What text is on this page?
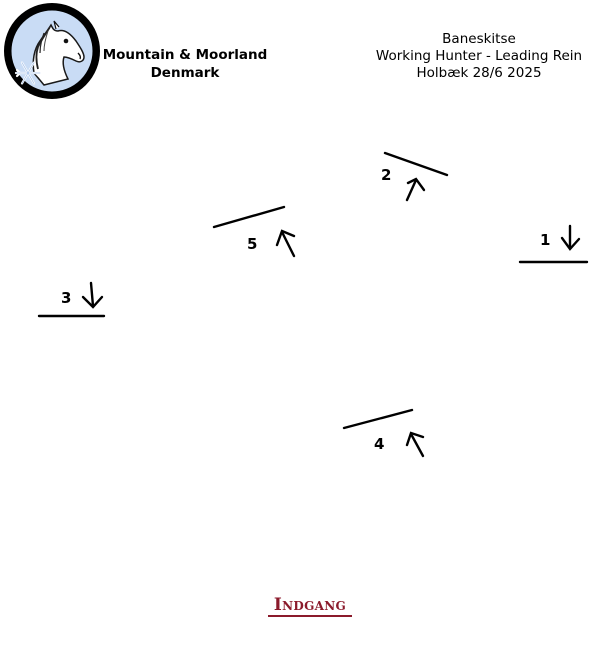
Mountain & Moorland
Denmark
Baneskitse
Working Hunter - Leading Rein
Holbæk 28/6 2025
1
2
3
4
5
Indgang
